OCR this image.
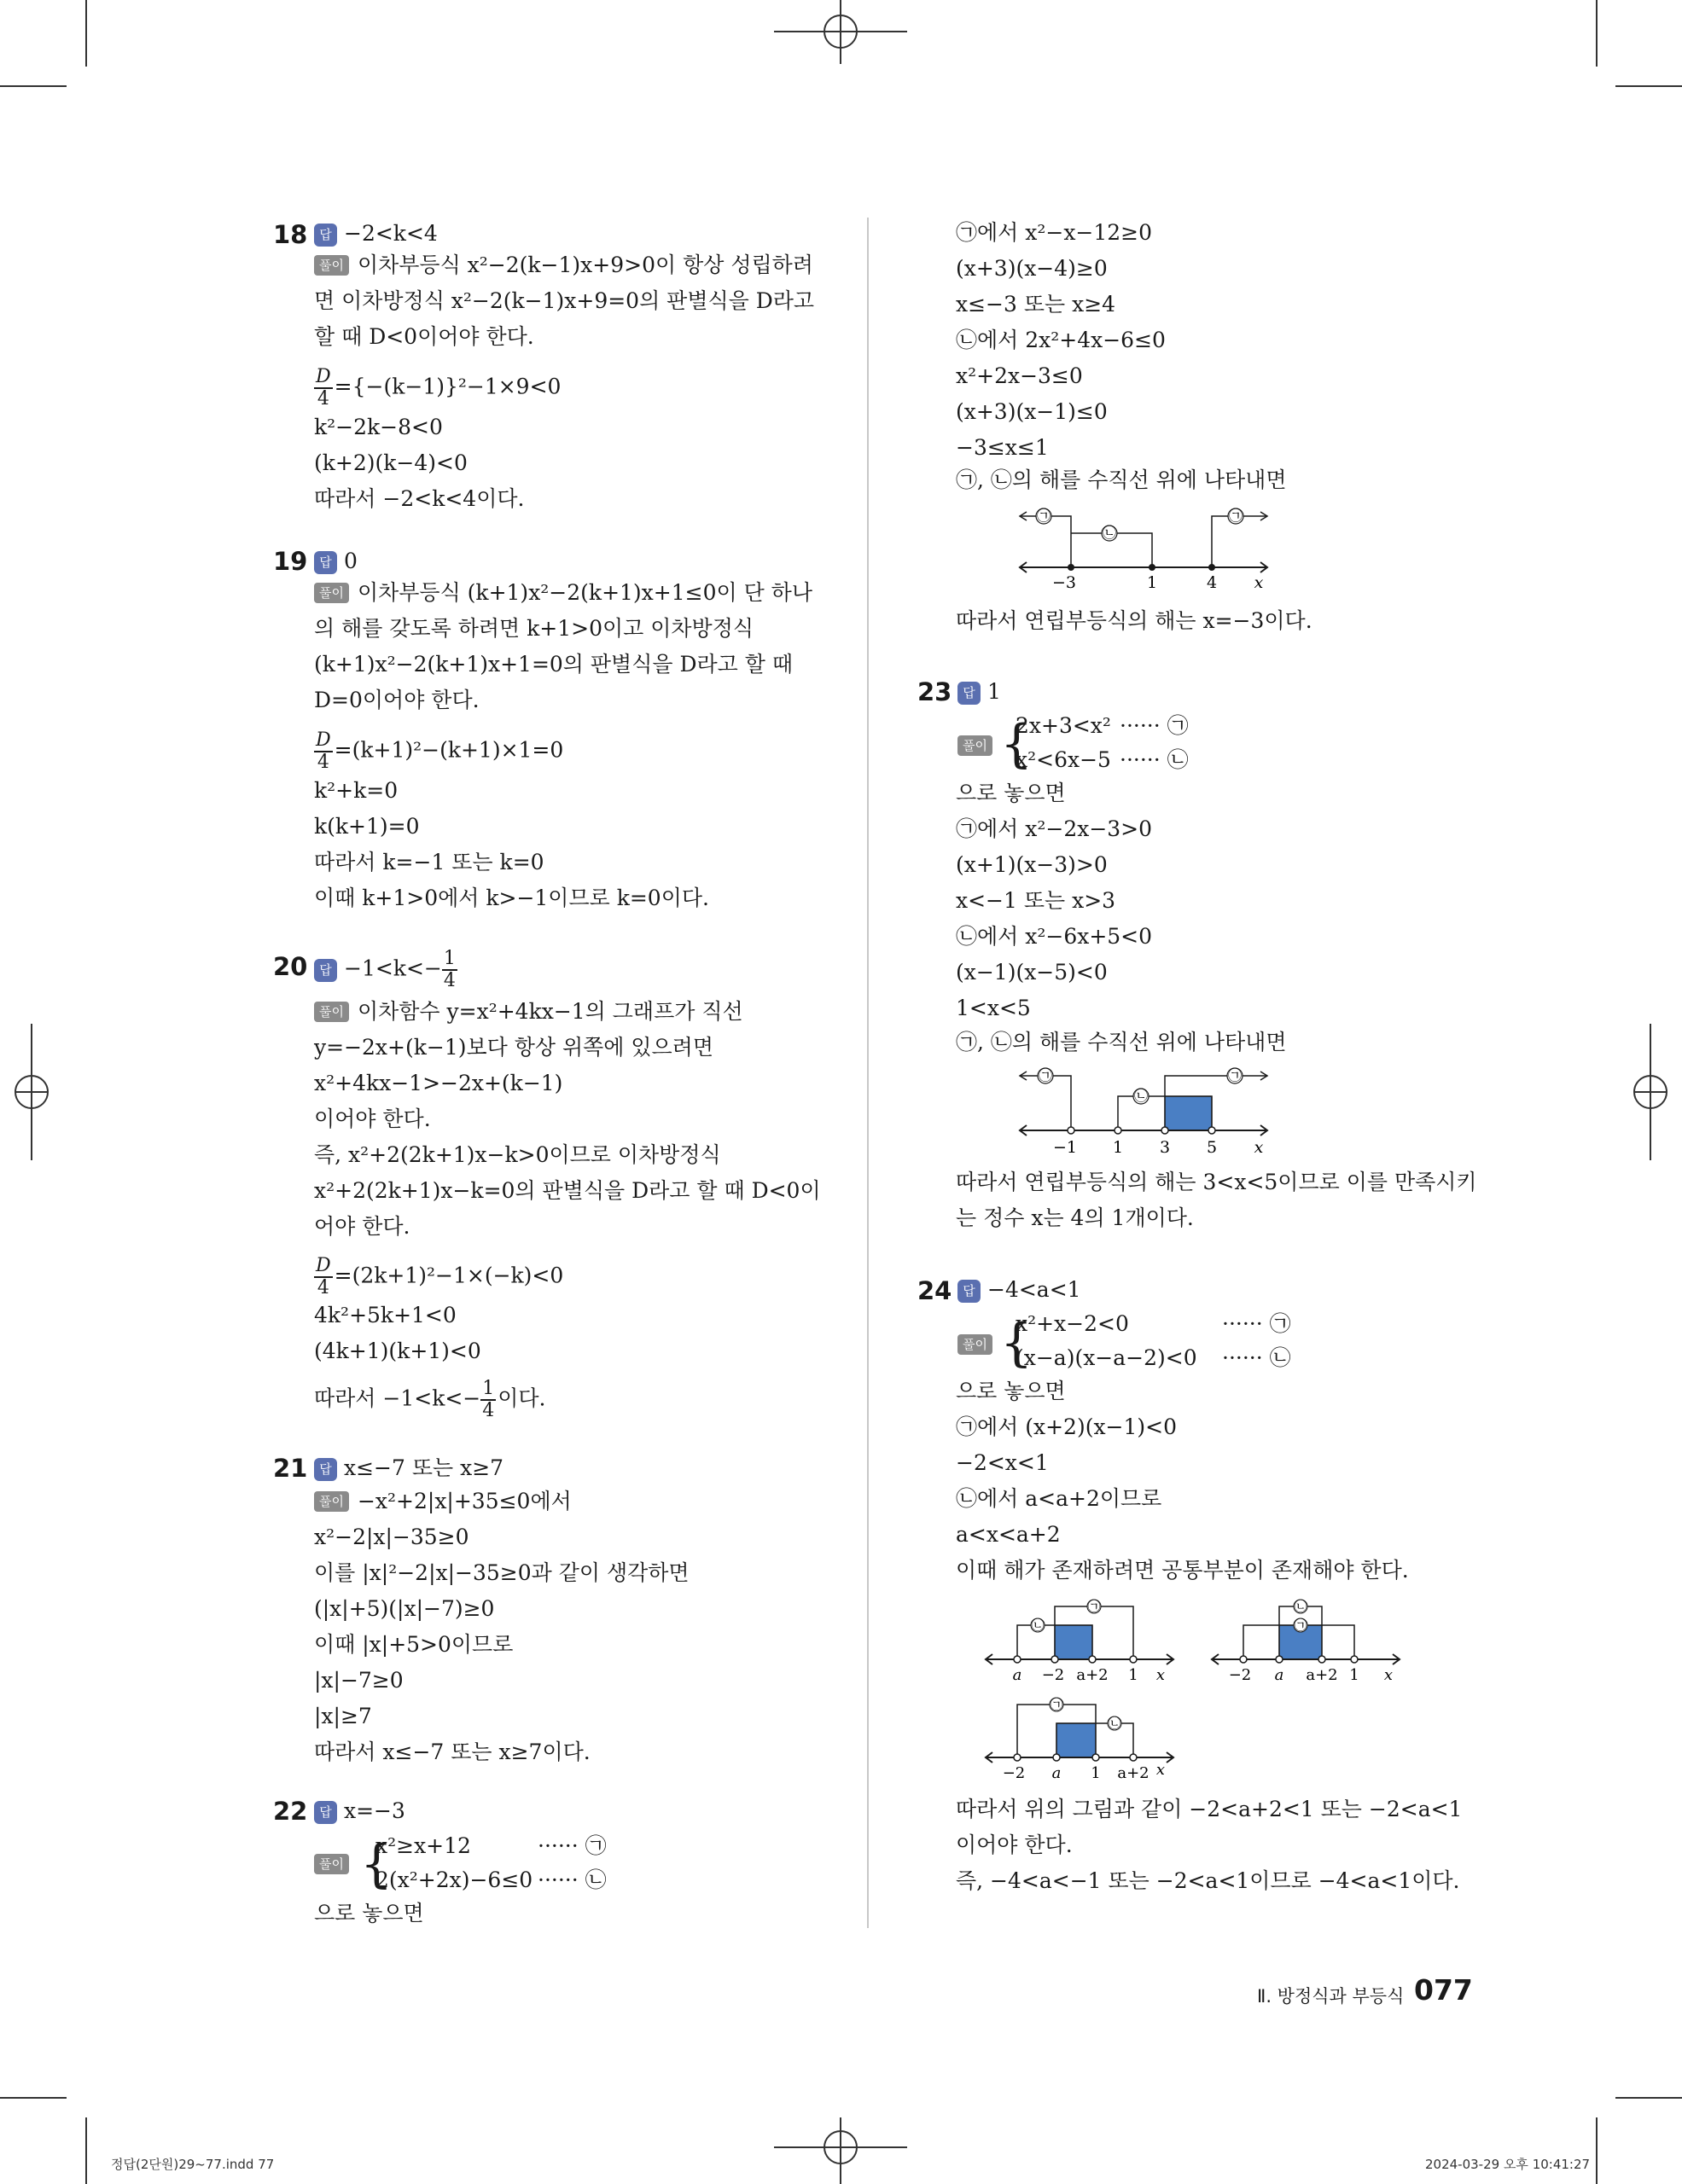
18 답 −2<k<4
풀이 이차부등식 x²−2(k−1)x+9>0이 항상 성립하려
면 이차방정식 x²−2(k−1)x+9=0의 판별식을 D라고
할 때 D<0이어야 한다.
$\frac{D}{4} =\{-(k-1)\}^2-1\times 9<0$
k²−2k−8<0
(k+2)(k−4)<0
따라서 −2<k<4이다.
19 답 0
풀이 이차부등식 (k+1)x²−2(k+1)x+1≤0이 단 하나
의 해를 갖도록 하려면 k+1>0이고 이차방정식
(k+1)x²−2(k+1)x+1=0의 판별식을 D라고 할 때
D=0이어야 한다.
$\frac{D}{4} =(k+1)^2-(k+1)\times 1=0$
k²+k=0
k(k+1)=0
따라서 k=−1 또는 k=0
이때 k+1>0에서 k>−1이므로 k=0이다.
20 답 $-1<k<- \frac{1}{4}$
풀이 이차함수 y=x²+4kx−1의 그래프가 직선
y=−2x+(k−1)보다 항상 위쪽에 있으려면
x²+4kx−1>−2x+(k−1)
이어야 한다.
즉, x²+2(2k+1)x−k>0이므로 이차방정식
x²+2(2k+1)x−k=0의 판별식을 D라고 할 때 D<0이
어야 한다.
$\frac{D}{4} =(2k+1)^2-1\times(-k)<0$
4k²+5k+1<0
(4k+1)(k+1)<0
따라서 $-1<k<- \frac{1}{4}$ 이다.
21 답 x≤−7 또는 x≥7
풀이 −x²+2|x|+35≤0에서
x²−2|x|−35≥0
이를 |x|²−2|x|−35≥0과 같이 생각하면
(|x|+5)(|x|−7)≥0
이때 |x|+5>0이므로
|x|−7≥0
|x|≥7
따라서 x≤−7 또는 x≥7이다.
22 답 x=−3
풀이 {
x²≥x+12	······ ㉠
2(x²+2x)−6≤0 ······ ㉡
으로 놓으면
㉠에서 x²−x−12≥0
(x+3)(x−4)≥0
x≤−3 또는 x≥4
㉡에서 2x²+4x−6≤0
x²+2x−3≤0
(x+3)(x−1)≤0
−3≤x≤1
㉠, ㉡의 해를 수직선 위에 나타내면
㉠
㉡
㉠
−3	1	4 x
따라서 연립부등식의 해는 x=−3이다.
23 답 1
풀이 {
2x+3<x² ······ ㉠
x²<6x−5 ······ ㉡
으로 놓으면
㉠에서 x²−2x−3>0
(x+1)(x−3)>0
x<−1 또는 x>3
㉡에서 x²−6x+5<0
(x−1)(x−5)<0
1<x<5
㉠, ㉡의 해를 수직선 위에 나타내면
㉠
㉡
㉠
−1 1 3 5 x
따라서 연립부등식의 해는 3<x<5이므로 이를 만족시키
는 정수 x는 4의 1개이다.
24 답 −4<a<1
풀이 {
x²+x−2<0	······ ㉠
(x−a)(x−a−2)<0 ······ ㉡
으로 놓으면
㉠에서 (x+2)(x−1)<0
−2<x<1
㉡에서 a<a+2이므로
a<x<a+2
이때 해가 존재하려면 공통부분이 존재해야 한다.
㉡
㉠
a −2 a+2 1 x
㉡
㉠
−2 a a+2 1 x
㉠
㉡
−2 a 1 a+2 x
따라서 위의 그림과 같이 −2<a+2<1 또는 −2<a<1
이어야 한다.
즉, −4<a<−1 또는 −2<a<1이므로 −4<a<1이다.
Ⅱ. 방정식과 부등식 077
정답(2단원)29~77.indd 77	2024-03-29 오후 10:41:27
